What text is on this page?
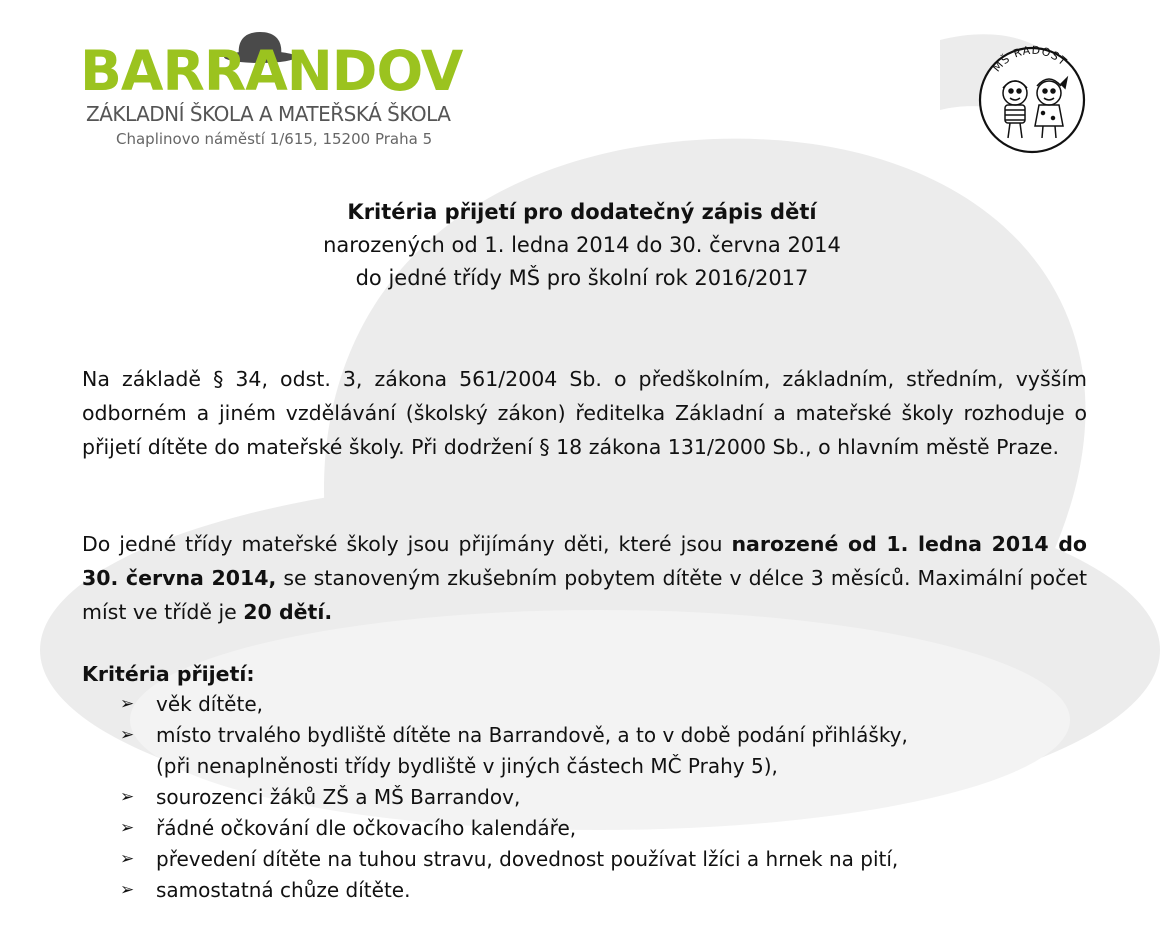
BARRANDOV
ZÁKLADNÍ ŠKOLA A MATEŘSKÁ ŠKOLA
Chaplinovo náměstí 1/615, 15200 Praha 5
MŠ RADOST
Kritéria přijetí pro dodatečný zápis dětí
narozených od 1. ledna 2014 do 30. června 2014
do jedné třídy MŠ pro školní rok 2016/2017
Na základě § 34, odst. 3, zákona 561/2004 Sb. o předškolním, základním, středním, vyšším odborném a jiném vzdělávání (školský zákon) ředitelka Základní a mateřské školy rozhoduje o přijetí dítěte do mateřské školy. Při dodržení § 18 zákona 131/2000 Sb., o hlavním městě Praze.
Do jedné třídy mateřské školy jsou přijímány děti, které jsou narozené od 1. ledna 2014 do 30. června 2014, se stanoveným zkušebním pobytem dítěte v délce 3 měsíců. Maximální počet míst ve třídě je 20 dětí.
Kritéria přijetí:
➢ věk dítěte,
➢ místo trvalého bydliště dítěte na Barrandově, a to v době podání přihlášky,
(při nenaplněnosti třídy bydliště v jiných částech MČ Prahy 5),
➢ sourozenci žáků ZŠ a MŠ Barrandov,
➢ řádné očkování dle očkovacího kalendáře,
➢ převedení dítěte na tuhou stravu, dovednost používat lžíci a hrnek na pití,
➢ samostatná chůze dítěte.
